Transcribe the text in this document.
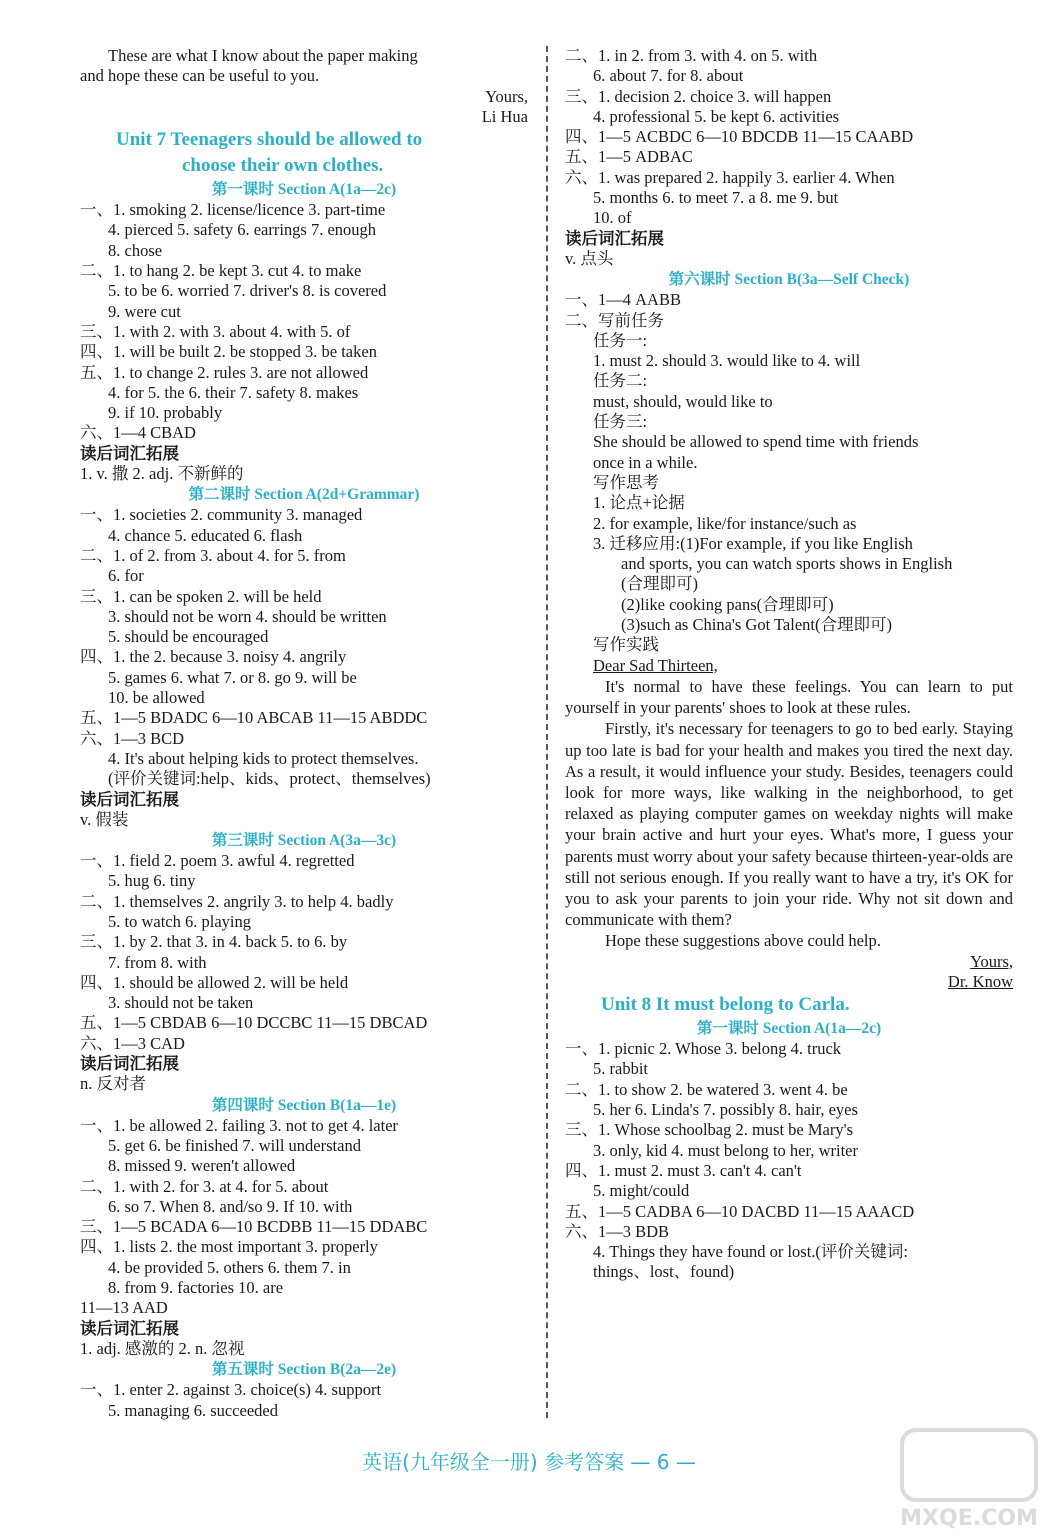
These are what I know about the paper making
and hope these can be useful to you.
Yours,
Li Hua
Unit 7 Teenagers should be allowed to
choose their own clothes.
第一课时 Section A(1a—2c)
一、1. smoking 2. license/licence 3. part-time
4. pierced 5. safety 6. earrings 7. enough
8. chose
二、1. to hang 2. be kept 3. cut 4. to make
5. to be 6. worried 7. driver's 8. is covered
9. were cut
三、1. with 2. with 3. about 4. with 5. of
四、1. will be built 2. be stopped 3. be taken
五、1. to change 2. rules 3. are not allowed
4. for 5. the 6. their 7. safety 8. makes
9. if 10. probably
六、1—4 CBAD
读后词汇拓展
1. v. 撒 2. adj. 不新鲜的
第二课时 Section A(2d+Grammar)
一、1. societies 2. community 3. managed
4. chance 5. educated 6. flash
二、1. of 2. from 3. about 4. for 5. from
6. for
三、1. can be spoken 2. will be held
3. should not be worn 4. should be written
5. should be encouraged
四、1. the 2. because 3. noisy 4. angrily
5. games 6. what 7. or 8. go 9. will be
10. be allowed
五、1—5 BDADC 6—10 ABCAB 11—15 ABDDC
六、1—3 BCD
4. It's about helping kids to protect themselves.
(评价关键词:help、kids、protect、themselves)
读后词汇拓展
v. 假装
第三课时 Section A(3a—3c)
一、1. field 2. poem 3. awful 4. regretted
5. hug 6. tiny
二、1. themselves 2. angrily 3. to help 4. badly
5. to watch 6. playing
三、1. by 2. that 3. in 4. back 5. to 6. by
7. from 8. with
四、1. should be allowed 2. will be held
3. should not be taken
五、1—5 CBDAB 6—10 DCCBC 11—15 DBCAD
六、1—3 CAD
读后词汇拓展
n. 反对者
第四课时 Section B(1a—1e)
一、1. be allowed 2. failing 3. not to get 4. later
5. get 6. be finished 7. will understand
8. missed 9. weren't allowed
二、1. with 2. for 3. at 4. for 5. about
6. so 7. When 8. and/so 9. If 10. with
三、1—5 BCADA 6—10 BCDBB 11—15 DDABC
四、1. lists 2. the most important 3. properly
4. be provided 5. others 6. them 7. in
8. from 9. factories 10. are
11—13 AAD
读后词汇拓展
1. adj. 感激的 2. n. 忽视
第五课时 Section B(2a—2e)
一、1. enter 2. against 3. choice(s) 4. support
5. managing 6. succeeded
二、1. in 2. from 3. with 4. on 5. with
6. about 7. for 8. about
三、1. decision 2. choice 3. will happen
4. professional 5. be kept 6. activities
四、1—5 ACBDC 6—10 BDCDB 11—15 CAABD
五、1—5 ADBAC
六、1. was prepared 2. happily 3. earlier 4. When
5. months 6. to meet 7. a 8. me 9. but
10. of
读后词汇拓展
v. 点头
第六课时 Section B(3a—Self Check)
一、1—4 AABB
二、写前任务
任务一:
1. must 2. should 3. would like to 4. will
任务二:
must, should, would like to
任务三:
She should be allowed to spend time with friends
once in a while.
写作思考
1. 论点+论据
2. for example, like/for instance/such as
3. 迁移应用:(1)For example, if you like English
and sports, you can watch sports shows in English
(合理即可)
(2)like cooking pans(合理即可)
(3)such as China's Got Talent(合理即可)
写作实践
Dear Sad Thirteen,
It's normal to have these feelings. You can learn to put yourself in your parents' shoes to look at these rules.
Firstly, it's necessary for teenagers to go to bed early. Staying up too late is bad for your health and makes you tired the next day. As a result, it would influence your study. Besides, teenagers could look for more ways, like walking in the neighborhood, to get relaxed as playing computer games on weekday nights will make your brain active and hurt your eyes. What's more, I guess your parents must worry about your safety because thirteen-year-olds are still not serious enough. If you really want to have a try, it's OK for you to ask your parents to join your ride. Why not sit down and communicate with them?
Hope these suggestions above could help.
Yours,
Dr. Know
Unit 8 It must belong to Carla.
第一课时 Section A(1a—2c)
一、1. picnic 2. Whose 3. belong 4. truck
5. rabbit
二、1. to show 2. be watered 3. went 4. be
5. her 6. Linda's 7. possibly 8. hair, eyes
三、1. Whose schoolbag 2. must be Mary's
3. only, kid 4. must belong to her, writer
四、1. must 2. must 3. can't 4. can't
5. might/could
五、1—5 CADBA 6—10 DACBD 11—15 AAACD
六、1—3 BDB
4. Things they have found or lost.(评价关键词:
things、lost、found)
英语(九年级全一册) 参考答案 — 6 —
MXQE.COM
